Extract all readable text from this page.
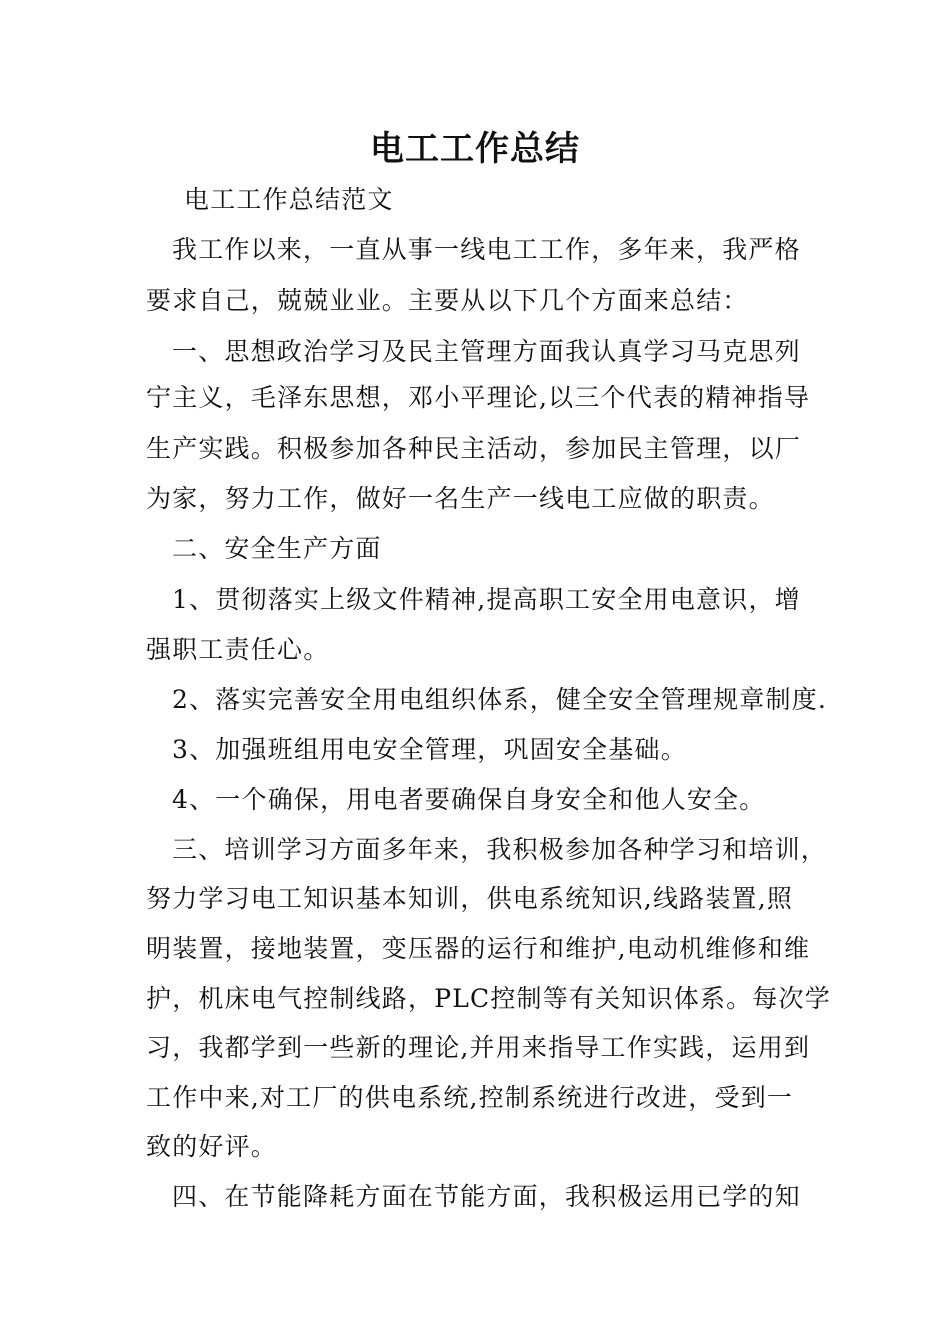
电工工作总结
电工工作总结范文
我工作以来，一直从事一线电工工作，多年来，我严格
要求自己，兢兢业业。主要从以下几个方面来总结：
一、思想政治学习及民主管理方面我认真学习马克思列
宁主义，毛泽东思想，邓小平理论,以三个代表的精神指导
生产实践。积极参加各种民主活动，参加民主管理，以厂
为家，努力工作，做好一名生产一线电工应做的职责。
二、安全生产方面
1、贯彻落实上级文件精神,提高职工安全用电意识，增
强职工责任心。
2、落实完善安全用电组织体系，健全安全管理规章制度.
3、加强班组用电安全管理，巩固安全基础。
4、一个确保，用电者要确保自身安全和他人安全。
三、培训学习方面多年来，我积极参加各种学习和培训，
努力学习电工知识基本知训，供电系统知识,线路装置,照
明装置，接地装置，变压器的运行和维护,电动机维修和维
护，机床电气控制线路，PLC控制等有关知识体系。每次学
习，我都学到一些新的理论,并用来指导工作实践，运用到
工作中来,对工厂的供电系统,控制系统进行改进，受到一
致的好评。
四、在节能降耗方面在节能方面，我积极运用已学的知
